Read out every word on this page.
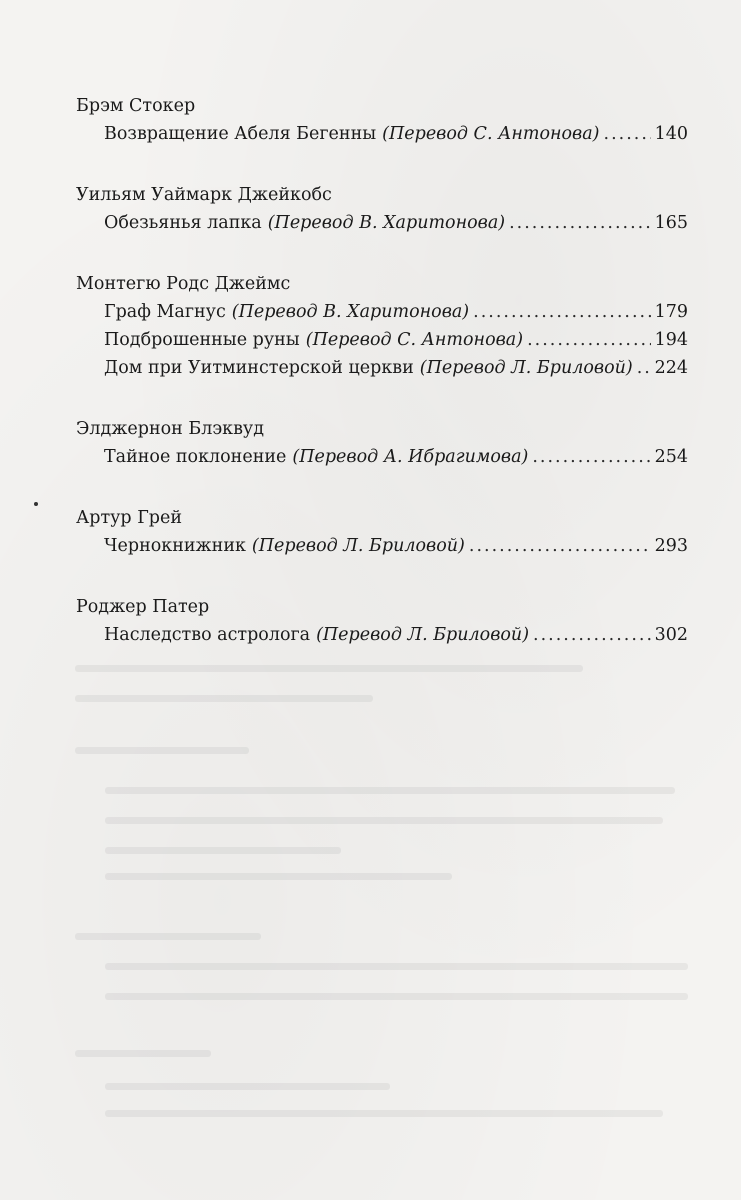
Брэм Стокер
Возвращение Абеля Бегенны (Перевод С. Антонова) .....	140
Уильям Уаймарк Джейкобс
Обезьянья лапка (Перевод В. Харитонова) .....	165
Монтегю Родс Джеймс
Граф Магнус (Перевод В. Харитонова) .....	179
Подброшенные руны (Перевод С. Антонова) .....	194
Дом при Уитминстерской церкви (Перевод Л. Бриловой) ..... 224
Элджернон Блэквуд
Тайное поклонение (Перевод А. Ибрагимова) .....	254
Артур Грей
Чернокнижник (Перевод Л. Бриловой) .....	293
Роджер Патер
Наследство астролога (Перевод Л. Бриловой) .....	302
